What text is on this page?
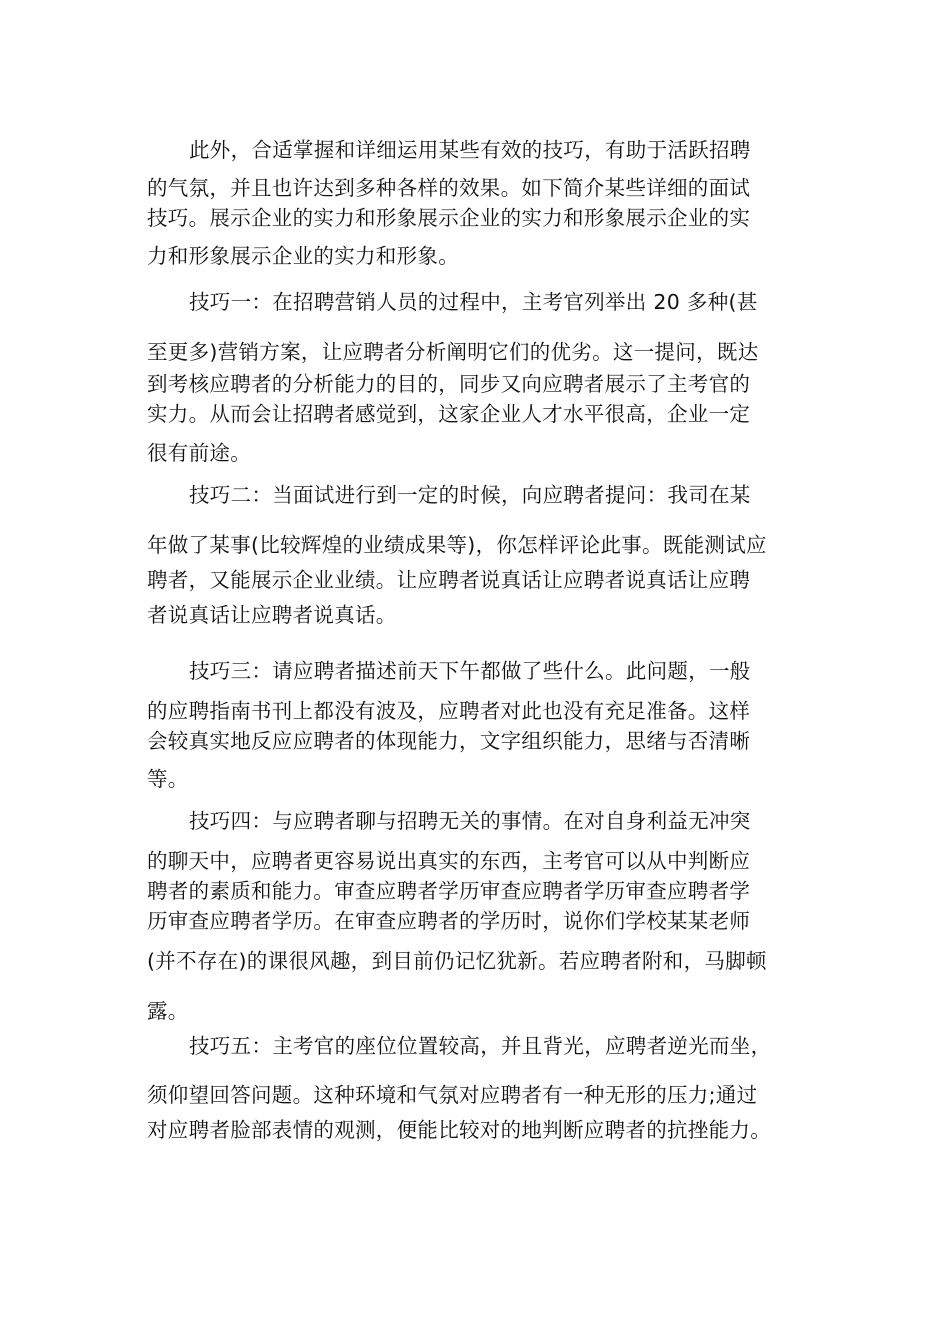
此外，合适掌握和详细运用某些有效的技巧，有助于活跃招聘
的气氛，并且也许达到多种各样的效果。如下简介某些详细的面试
技巧。展示企业的实力和形象展示企业的实力和形象展示企业的实
力和形象展示企业的实力和形象。
技巧一：在招聘营销人员的过程中，主考官列举出 20 多种(甚
至更多)营销方案，让应聘者分析阐明它们的优劣。这一提问，既达
到考核应聘者的分析能力的目的，同步又向应聘者展示了主考官的
实力。从而会让招聘者感觉到，这家企业人才水平很高，企业一定
很有前途。
技巧二：当面试进行到一定的时候，向应聘者提问：我司在某
年做了某事(比较辉煌的业绩成果等)，你怎样评论此事。既能测试应
聘者，又能展示企业业绩。让应聘者说真话让应聘者说真话让应聘
者说真话让应聘者说真话。
技巧三：请应聘者描述前天下午都做了些什么。此问题，一般
的应聘指南书刊上都没有波及，应聘者对此也没有充足准备。这样
会较真实地反应应聘者的体现能力，文字组织能力，思绪与否清晰
等。
技巧四：与应聘者聊与招聘无关的事情。在对自身利益无冲突
的聊天中，应聘者更容易说出真实的东西，主考官可以从中判断应
聘者的素质和能力。审查应聘者学历审查应聘者学历审查应聘者学
历审查应聘者学历。在审查应聘者的学历时，说你们学校某某老师
(并不存在)的课很风趣，到目前仍记忆犹新。若应聘者附和，马脚顿
露。
技巧五：主考官的座位位置较高，并且背光，应聘者逆光而坐，
须仰望回答问题。这种环境和气氛对应聘者有一种无形的压力;通过
对应聘者脸部表情的观测，便能比较对的地判断应聘者的抗挫能力。
